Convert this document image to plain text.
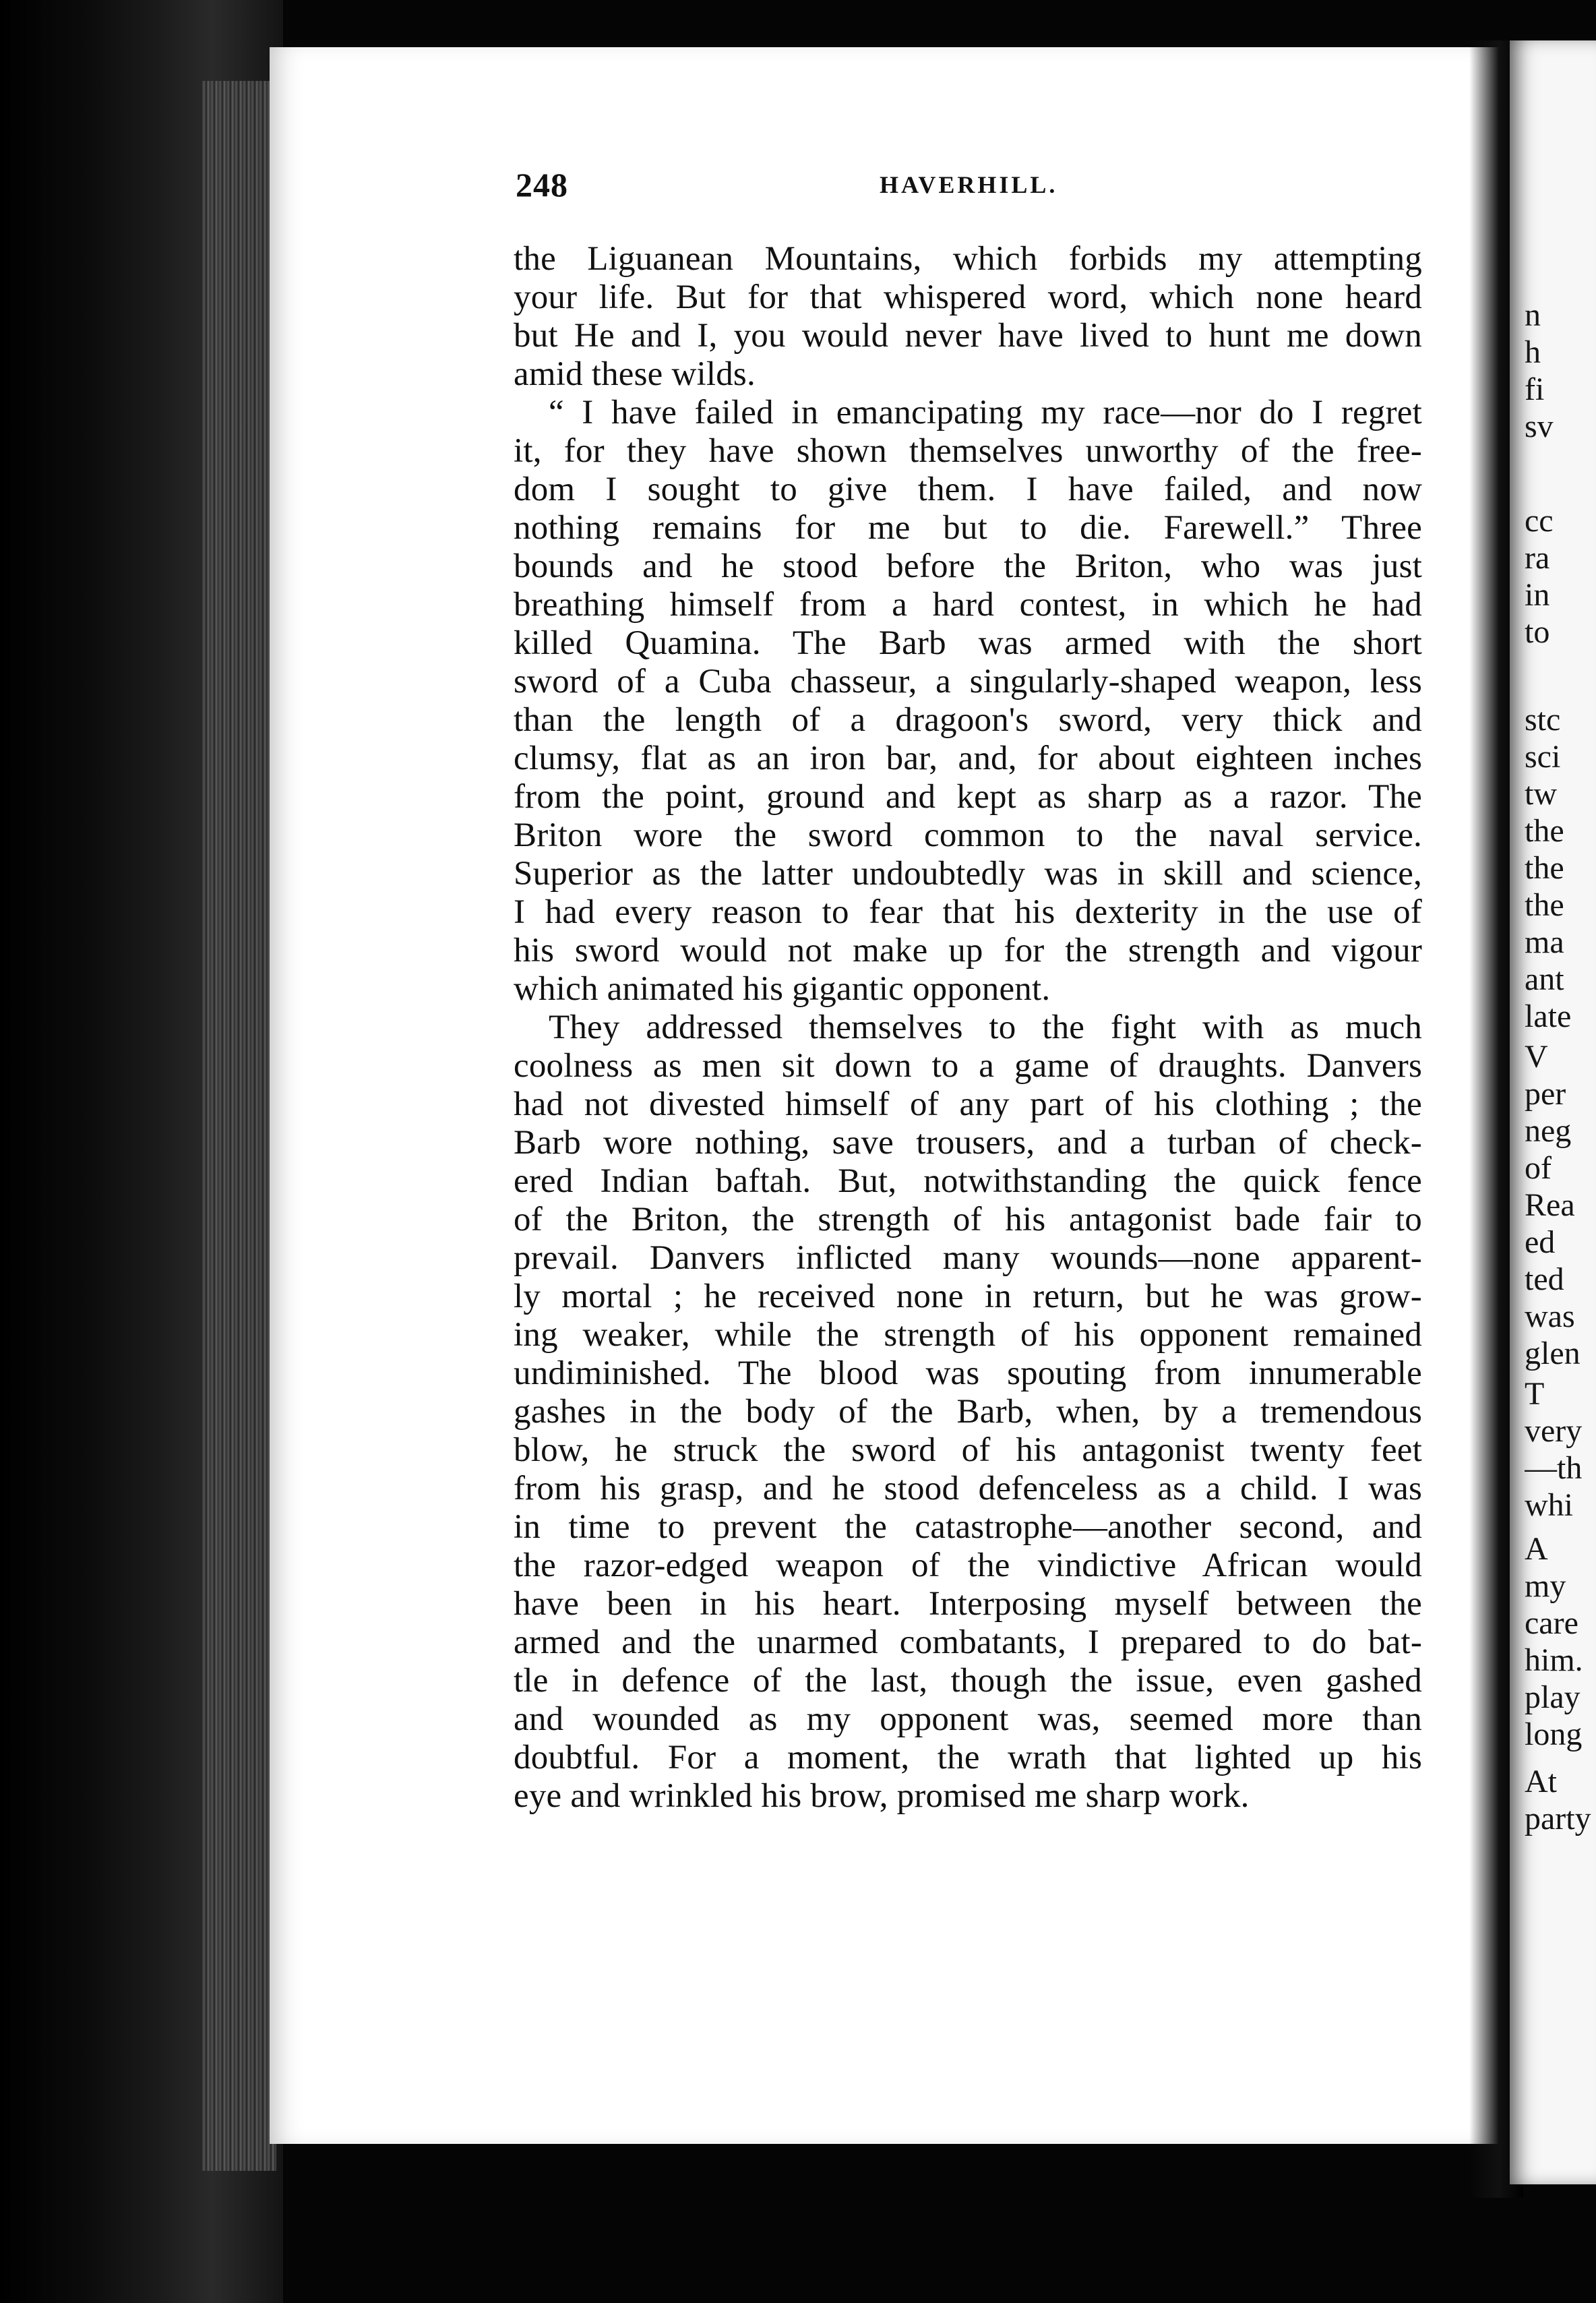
248	HAVERHILL.
the Liguanean Mountains, which forbids my attempting
your life. But for that whispered word, which none heard
but He and I, you would never have lived to hunt me down
amid these wilds.
“ I have failed in emancipating my race—nor do I regret
it, for they have shown themselves unworthy of the free-
dom I sought to give them. I have failed, and now
nothing remains for me but to die. Farewell.” Three
bounds and he stood before the Briton, who was just
breathing himself from a hard contest, in which he had
killed Quamina. The Barb was armed with the short
sword of a Cuba chasseur, a singularly-shaped weapon, less
than the length of a dragoon's sword, very thick and
clumsy, flat as an iron bar, and, for about eighteen inches
from the point, ground and kept as sharp as a razor. The
Briton wore the sword common to the naval service.
Superior as the latter undoubtedly was in skill and science,
I had every reason to fear that his dexterity in the use of
his sword would not make up for the strength and vigour
which animated his gigantic opponent.
They addressed themselves to the fight with as much
coolness as men sit down to a game of draughts. Danvers
had not divested himself of any part of his clothing ; the
Barb wore nothing, save trousers, and a turban of check-
ered Indian baftah. But, notwithstanding the quick fence
of the Briton, the strength of his antagonist bade fair to
prevail. Danvers inflicted many wounds—none apparent-
ly mortal ; he received none in return, but he was grow-
ing weaker, while the strength of his opponent remained
undiminished. The blood was spouting from innumerable
gashes in the body of the Barb, when, by a tremendous
blow, he struck the sword of his antagonist twenty feet
from his grasp, and he stood defenceless as a child. I was
in time to prevent the catastrophe—another second, and
the razor-edged weapon of the vindictive African would
have been in his heart. Interposing myself between the
armed and the unarmed combatants, I prepared to do bat-
tle in defence of the last, though the issue, even gashed
and wounded as my opponent was, seemed more than
doubtful. For a moment, the wrath that lighted up his
eye and wrinkled his brow, promised me sharp work.
n
h
fi
sv
cc
ra
in
to
stc
sci
tw
the
the
the
ma
ant
late
V
per
neg
of
Rea
ed
ted
was
glen
T
very
—th
whi
A
my
care
him.
play
long
At
party
